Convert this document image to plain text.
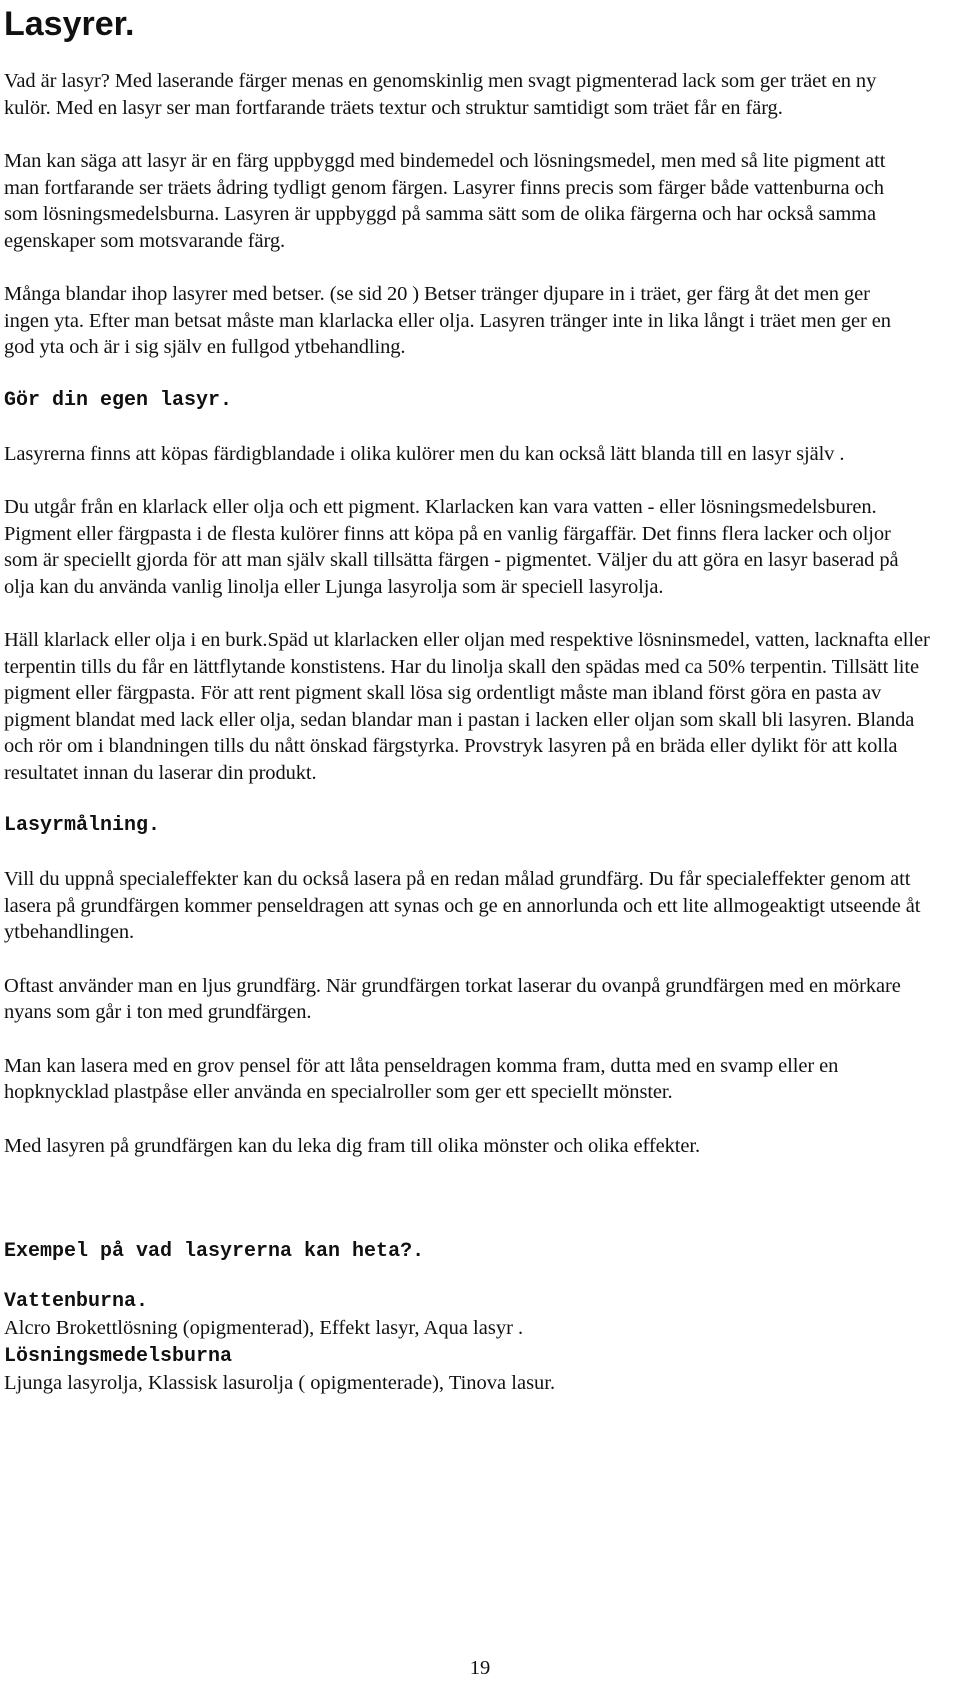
Lasyrer.

Vad är lasyr? Med laserande färger menas en genomskinlig men svagt pigmenterad lack som ger träet en ny kulör. Med en lasyr ser man fortfarande träets textur och struktur samtidigt som träet får en färg.

Man kan säga att lasyr är en färg uppbyggd med bindemedel och lösningsmedel, men med så lite pigment att man fortfarande ser träets ådring tydligt genom färgen. Lasyrer finns precis som färger både vattenburna och som lösningsmedelsburna. Lasyren är uppbyggd på samma sätt som de olika färgerna och har också samma egenskaper som motsvarande färg.

Många blandar ihop lasyrer med betser. (se sid 20 ) Betser tränger djupare in i träet, ger färg åt det men ger ingen yta. Efter man betsat måste man klarlacka eller olja. Lasyren tränger inte in lika långt i träet men ger en god yta och är i sig själv en fullgod ytbehandling.

Gör din egen lasyr.

Lasyrerna finns att köpas färdigblandade i olika kulörer men du kan också lätt blanda till en lasyr själv .

Du utgår från en klarlack eller olja och ett pigment. Klarlacken kan vara vatten - eller lösningsmedelsburen. Pigment eller färgpasta i de flesta kulörer finns att köpa på en vanlig färgaffär. Det finns flera lacker och oljor som är speciellt gjorda för att man själv skall tillsätta färgen - pigmentet. Väljer du att göra en lasyr baserad på olja kan du använda vanlig linolja eller Ljunga lasyrolja som är speciell lasyrolja.

Häll klarlack eller olja i en burk.Späd ut klarlacken eller oljan med respektive lösninsmedel, vatten, lacknafta eller terpentin tills du får en lättflytande konstistens. Har du linolja skall den spädas med ca 50% terpentin. Tillsätt lite pigment eller färgpasta. För att rent pigment skall lösa sig ordentligt måste man ibland först göra en pasta av pigment blandat med lack eller olja, sedan blandar man i pastan i lacken eller oljan som skall bli lasyren. Blanda och rör om i blandningen tills du nått önskad färgstyrka. Provstryk lasyren på en bräda eller dylikt för att kolla resultatet innan du laserar din produkt.

Lasyrmålning.

Vill du uppnå specialeffekter kan du också lasera på en redan målad grundfärg. Du får specialeffekter genom att lasera på grundfärgen kommer penseldragen att synas och ge en annorlunda och ett lite allmogeaktigt utseende åt ytbehandlingen.

Oftast använder man en ljus grundfärg. När grundfärgen torkat laserar du ovanpå grundfärgen med en mörkare nyans som går i ton med grundfärgen.

Man kan lasera med en grov pensel för att låta penseldragen komma fram, dutta med en svamp eller en hopknycklad plastpåse eller använda en specialroller som ger ett speciellt mönster.

Med lasyren på grundfärgen kan du leka dig fram till olika mönster och olika effekter.

Exempel på vad lasyrerna kan heta?.
Vattenburna.

Alcro Brokettlösning (opigmenterad), Effekt lasyr, Aqua lasyr .

Lösningsmedelsburna

Ljunga lasyrolja, Klassisk lasurolja ( opigmenterade), Tinova lasur.

19
